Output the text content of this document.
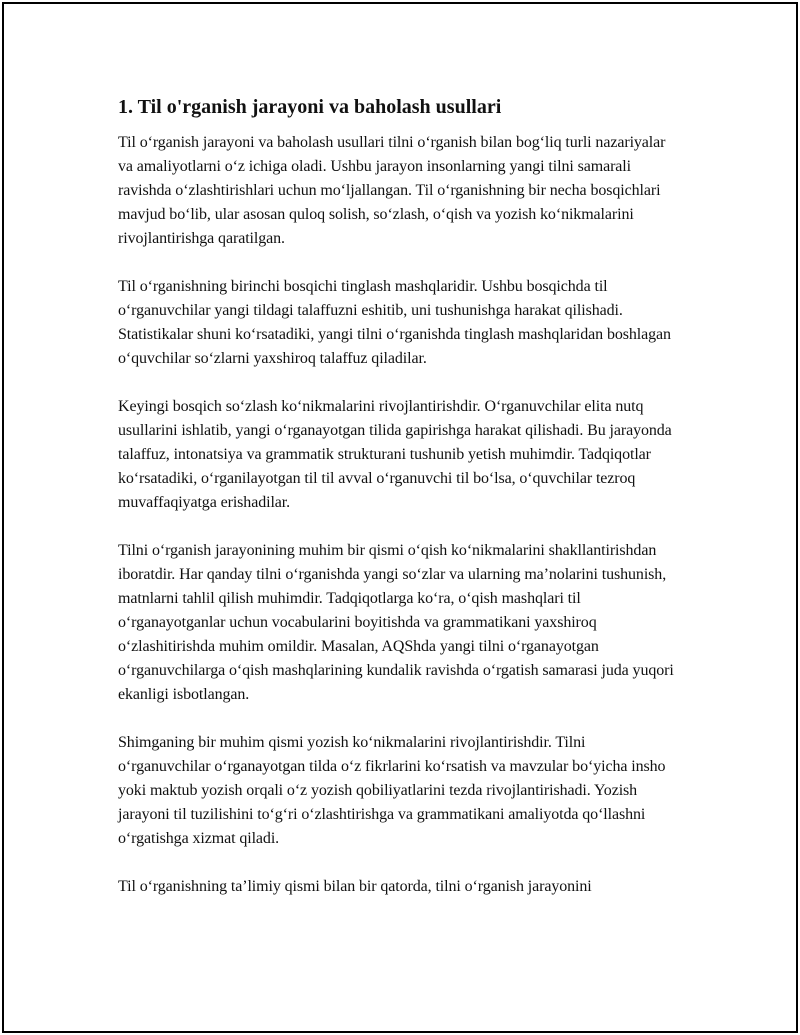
1. Til o'rganish jarayoni va baholash usullari

Til o‘rganish jarayoni va baholash usullari tilni o‘rganish bilan bog‘liq turli nazariyalar va amaliyotlarni o‘z ichiga oladi. Ushbu jarayon insonlarning yangi tilni samarali ravishda o‘zlashtirishlari uchun mo‘ljallangan. Til o‘rganishning bir necha bosqichlari mavjud bo‘lib, ular asosan quloq solish, so‘zlash, o‘qish va yozish ko‘nikmalarini rivojlantirishga qaratilgan.

Til o‘rganishning birinchi bosqichi tinglash mashqlaridir. Ushbu bosqichda til o‘rganuvchilar yangi tildagi talaffuzni eshitib, uni tushunishga harakat qilishadi. Statistikalar shuni ko‘rsatadiki, yangi tilni o‘rganishda tinglash mashqlaridan boshlagan o‘quvchilar so‘zlarni yaxshiroq talaffuz qiladilar.

Keyingi bosqich so‘zlash ko‘nikmalarini rivojlantirishdir. O‘rganuvchilar elita nutq usullarini ishlatib, yangi o‘rganayotgan tilida gapirishga harakat qilishadi. Bu jarayonda talaffuz, intonatsiya va grammatik strukturani tushunib yetish muhimdir. Tadqiqotlar ko‘rsatadiki, o‘rganilayotgan til til avval o‘rganuvchi til bo‘lsa, o‘quvchilar tezroq muvaffaqiyatga erishadilar.

Tilni o‘rganish jarayonining muhim bir qismi o‘qish ko‘nikmalarini shakllantirishdan iboratdir. Har qanday tilni o‘rganishda yangi so‘zlar va ularning ma’nolarini tushunish, matnlarni tahlil qilish muhimdir. Tadqiqotlarga ko‘ra, o‘qish mashqlari til o‘rganayotganlar uchun vocabularini boyitishda va grammatikani yaxshiroq o‘zlashitirishda muhim omildir. Masalan, AQShda yangi tilni o‘rganayotgan o‘rganuvchilarga o‘qish mashqlarining kundalik ravishda o‘rgatish samarasi juda yuqori ekanligi isbotlangan.

Shimganing bir muhim qismi yozish ko‘nikmalarini rivojlantirishdir. Tilni o‘rganuvchilar o‘rganayotgan tilda o‘z fikrlarini ko‘rsatish va mavzular bo‘yicha insho yoki maktub yozish orqali o‘z yozish qobiliyatlarini tezda rivojlantirishadi. Yozish jarayoni til tuzilishini to‘g‘ri o‘zlashtirishga va grammatikani amaliyotda qo‘llashni o‘rgatishga xizmat qiladi.

Til o‘rganishning ta’limiy qismi bilan bir qatorda, tilni o‘rganish jarayonini
